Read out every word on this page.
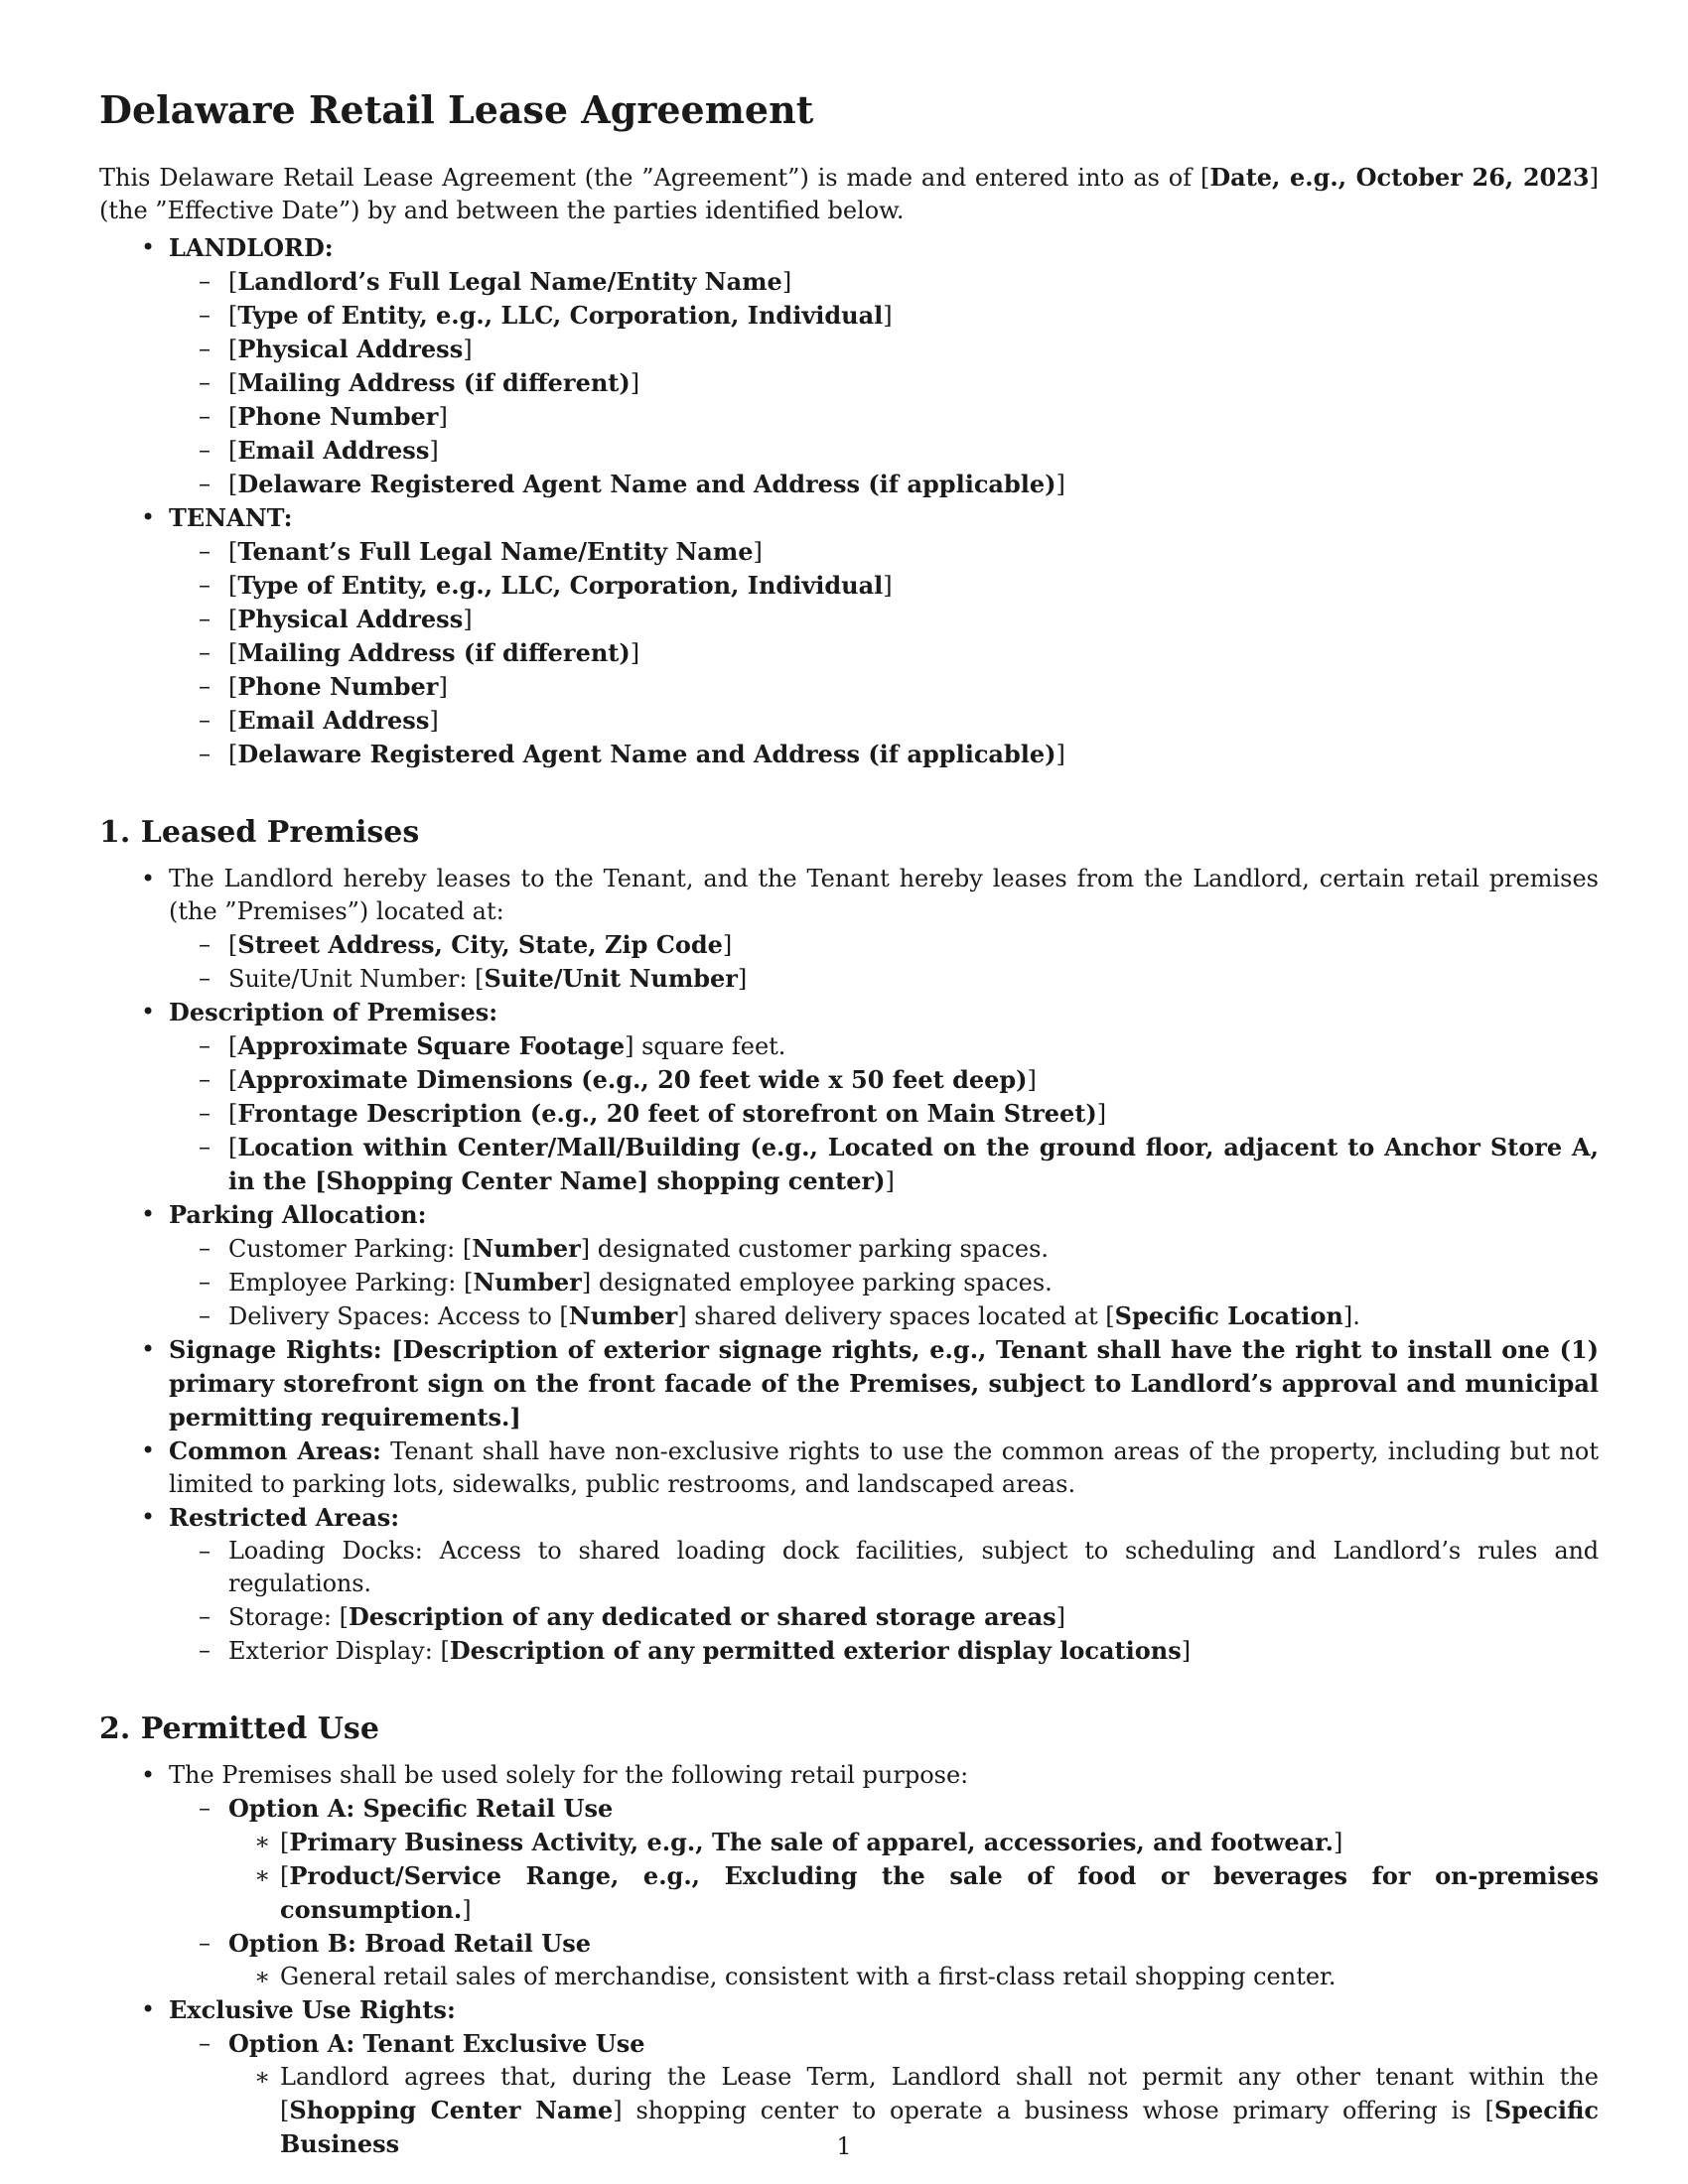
Delaware Retail Lease Agreement

This Delaware Retail Lease Agreement (the ”Agreement”) is made and entered into as of [Date, e.g., October 26, 2023] (the ”Effective Date”) by and between the parties identified below.

• LANDLORD:
– [Landlord’s Full Legal Name/Entity Name]
– [Type of Entity, e.g., LLC, Corporation, Individual]
– [Physical Address]
– [Mailing Address (if different)]
– [Phone Number]
– [Email Address]
– [Delaware Registered Agent Name and Address (if applicable)]
• TENANT:
– [Tenant’s Full Legal Name/Entity Name]
– [Type of Entity, e.g., LLC, Corporation, Individual]
– [Physical Address]
– [Mailing Address (if different)]
– [Phone Number]
– [Email Address]
– [Delaware Registered Agent Name and Address (if applicable)]
1. Leased Premises
• The Landlord hereby leases to the Tenant, and the Tenant hereby leases from the Landlord, certain retail premises (the ”Premises”) located at:
– [Street Address, City, State, Zip Code]
– Suite/Unit Number: [Suite/Unit Number]
• Description of Premises:
– [Approximate Square Footage] square feet.
– [Approximate Dimensions (e.g., 20 feet wide x 50 feet deep)]
– [Frontage Description (e.g., 20 feet of storefront on Main Street)]
– [Location within Center/Mall/Building (e.g., Located on the ground floor, adjacent to Anchor Store A, in the [Shopping Center Name] shopping center)]
• Parking Allocation:
– Customer Parking: [Number] designated customer parking spaces.
– Employee Parking: [Number] designated employee parking spaces.
– Delivery Spaces: Access to [Number] shared delivery spaces located at [Specific Location].
• Signage Rights: [Description of exterior signage rights, e.g., Tenant shall have the right to install one (1) primary storefront sign on the front facade of the Premises, subject to Landlord’s approval and municipal permitting requirements.]
• Common Areas: Tenant shall have non-exclusive rights to use the common areas of the property, including but not limited to parking lots, sidewalks, public restrooms, and landscaped areas.
• Restricted Areas:
– Loading Docks: Access to shared loading dock facilities, subject to scheduling and Landlord’s rules and regulations.
– Storage: [Description of any dedicated or shared storage areas]
– Exterior Display: [Description of any permitted exterior display locations]
2. Permitted Use
• The Premises shall be used solely for the following retail purpose:
– Option A: Specific Retail Use
∗ [Primary Business Activity, e.g., The sale of apparel, accessories, and footwear.]
∗ [Product/Service Range, e.g., Excluding the sale of food or beverages for on-premises consumption.]
– Option B: Broad Retail Use
∗ General retail sales of merchandise, consistent with a first-class retail shopping center.
• Exclusive Use Rights:
– Option A: Tenant Exclusive Use
∗ Landlord agrees that, during the Lease Term, Landlord shall not permit any other tenant within the [Shopping Center Name] shopping center to operate a business whose primary offering is [Specific Business	1
